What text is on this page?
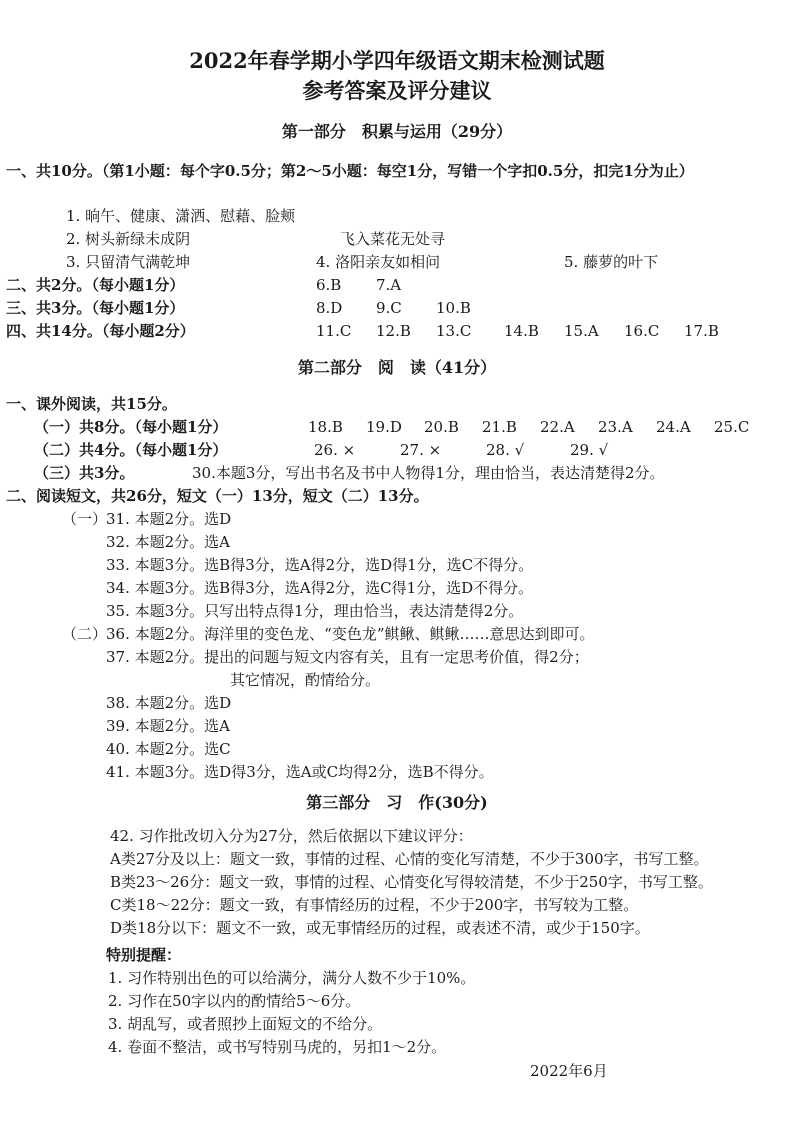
2022年春学期小学四年级语文期末检测试题
参考答案及评分建议
第一部分　积累与运用（29分）
一、共10分。（第1小题：每个字0.5分；第2～5小题：每空1分，写错一个字扣0.5分，扣完1分为止）
1. 晌午、健康、潇洒、慰藉、脸颊
2. 树头新绿未成阴	飞入菜花无处寻
3. 只留清气满乾坤	4. 洛阳亲友如相问	5. 藤萝的叶下
二、共2分。（每小题1分）	6.B 7.A
三、共3分。（每小题1分）	8.D 9.C 10.B
四、共14分。（每小题2分）	11.C 12.B 13.C 14.B 15.A 16.C 17.B
第二部分　阅　读（41分）
一、课外阅读，共15分。
（一）共8分。（每小题1分）	18.B 19.D 20.B 21.B 22.A 23.A 24.A 25.C
（二）共4分。（每小题1分）	26. ×	27. ×	28. √	29. √
（三）共3分。	30.本题3分，写出书名及书中人物得1分，理由恰当，表达清楚得2分。
二、阅读短文，共26分，短文（一）13分，短文（二）13分。
（一）
31. 本题2分。选D
32. 本题2分。选A
33. 本题3分。选B得3分，选A得2分，选D得1分，选C不得分。
34. 本题3分。选B得3分，选A得2分，选C得1分，选D不得分。
35. 本题3分。只写出特点得1分，理由恰当，表达清楚得2分。
（二）
36. 本题2分。海洋里的变色龙、“变色龙”鲯鳅、鲯鳅……意思达到即可。
37. 本题2分。提出的问题与短文内容有关，且有一定思考价值，得2分；
其它情况，酌情给分。
38. 本题2分。选D
39. 本题2分。选A
40. 本题2分。选C
41. 本题3分。选D得3分，选A或C均得2分，选B不得分。
第三部分　习　作(30分)
42. 习作批改切入分为27分，然后依据以下建议评分：
A类27分及以上：题文一致，事情的过程、心情的变化写清楚，不少于300字，书写工整。
B类23～26分：题文一致，事情的过程、心情变化写得较清楚，不少于250字，书写工整。
C类18～22分：题文一致，有事情经历的过程，不少于200字，书写较为工整。
D类18分以下：题文不一致，或无事情经历的过程，或表述不清，或少于150字。
特别提醒：
1. 习作特别出色的可以给满分，满分人数不少于10%。
2. 习作在50字以内的酌情给5～6分。
3. 胡乱写，或者照抄上面短文的不给分。
4. 卷面不整洁，或书写特别马虎的，另扣1～2分。
2022年6月
